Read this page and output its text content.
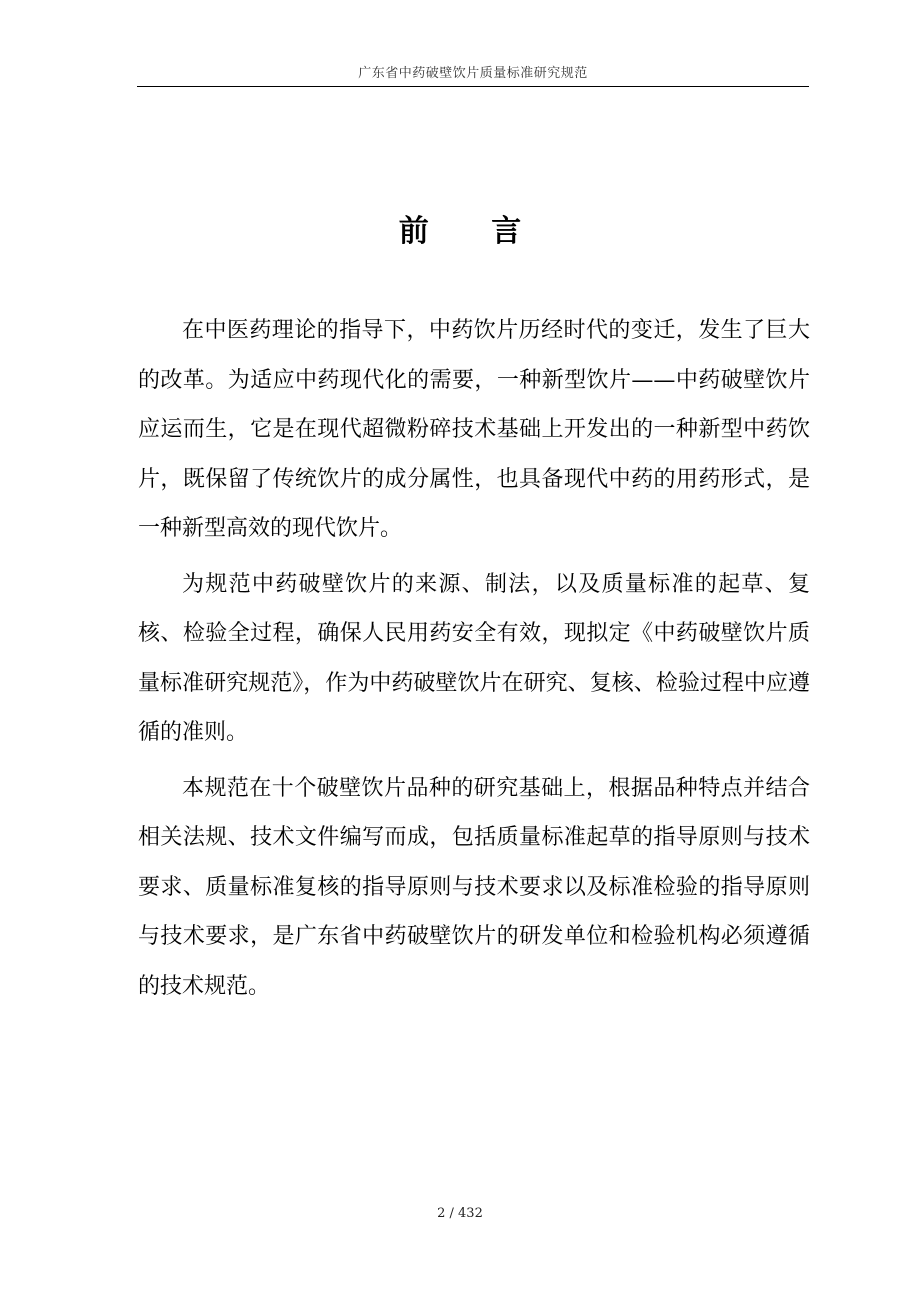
广东省中药破壁饮片质量标准研究规范
前 言

在中医药理论的指导下，中药饮片历经时代的变迁，发生了巨大的改革。为适应中药现代化的需要，一种新型饮片——中药破壁饮片应运而生，它是在现代超微粉碎技术基础上开发出的一种新型中药饮片，既保留了传统饮片的成分属性，也具备现代中药的用药形式，是一种新型高效的现代饮片。

为规范中药破壁饮片的来源、制法，以及质量标准的起草、复核、检验全过程，确保人民用药安全有效，现拟定《中药破壁饮片质量标准研究规范》，作为中药破壁饮片在研究、复核、检验过程中应遵循的准则。

本规范在十个破壁饮片品种的研究基础上，根据品种特点并结合相关法规、技术文件编写而成，包括质量标准起草的指导原则与技术要求、质量标准复核的指导原则与技术要求以及标准检验的指导原则与技术要求，是广东省中药破壁饮片的研发单位和检验机构必须遵循的技术规范。

2 / 432
